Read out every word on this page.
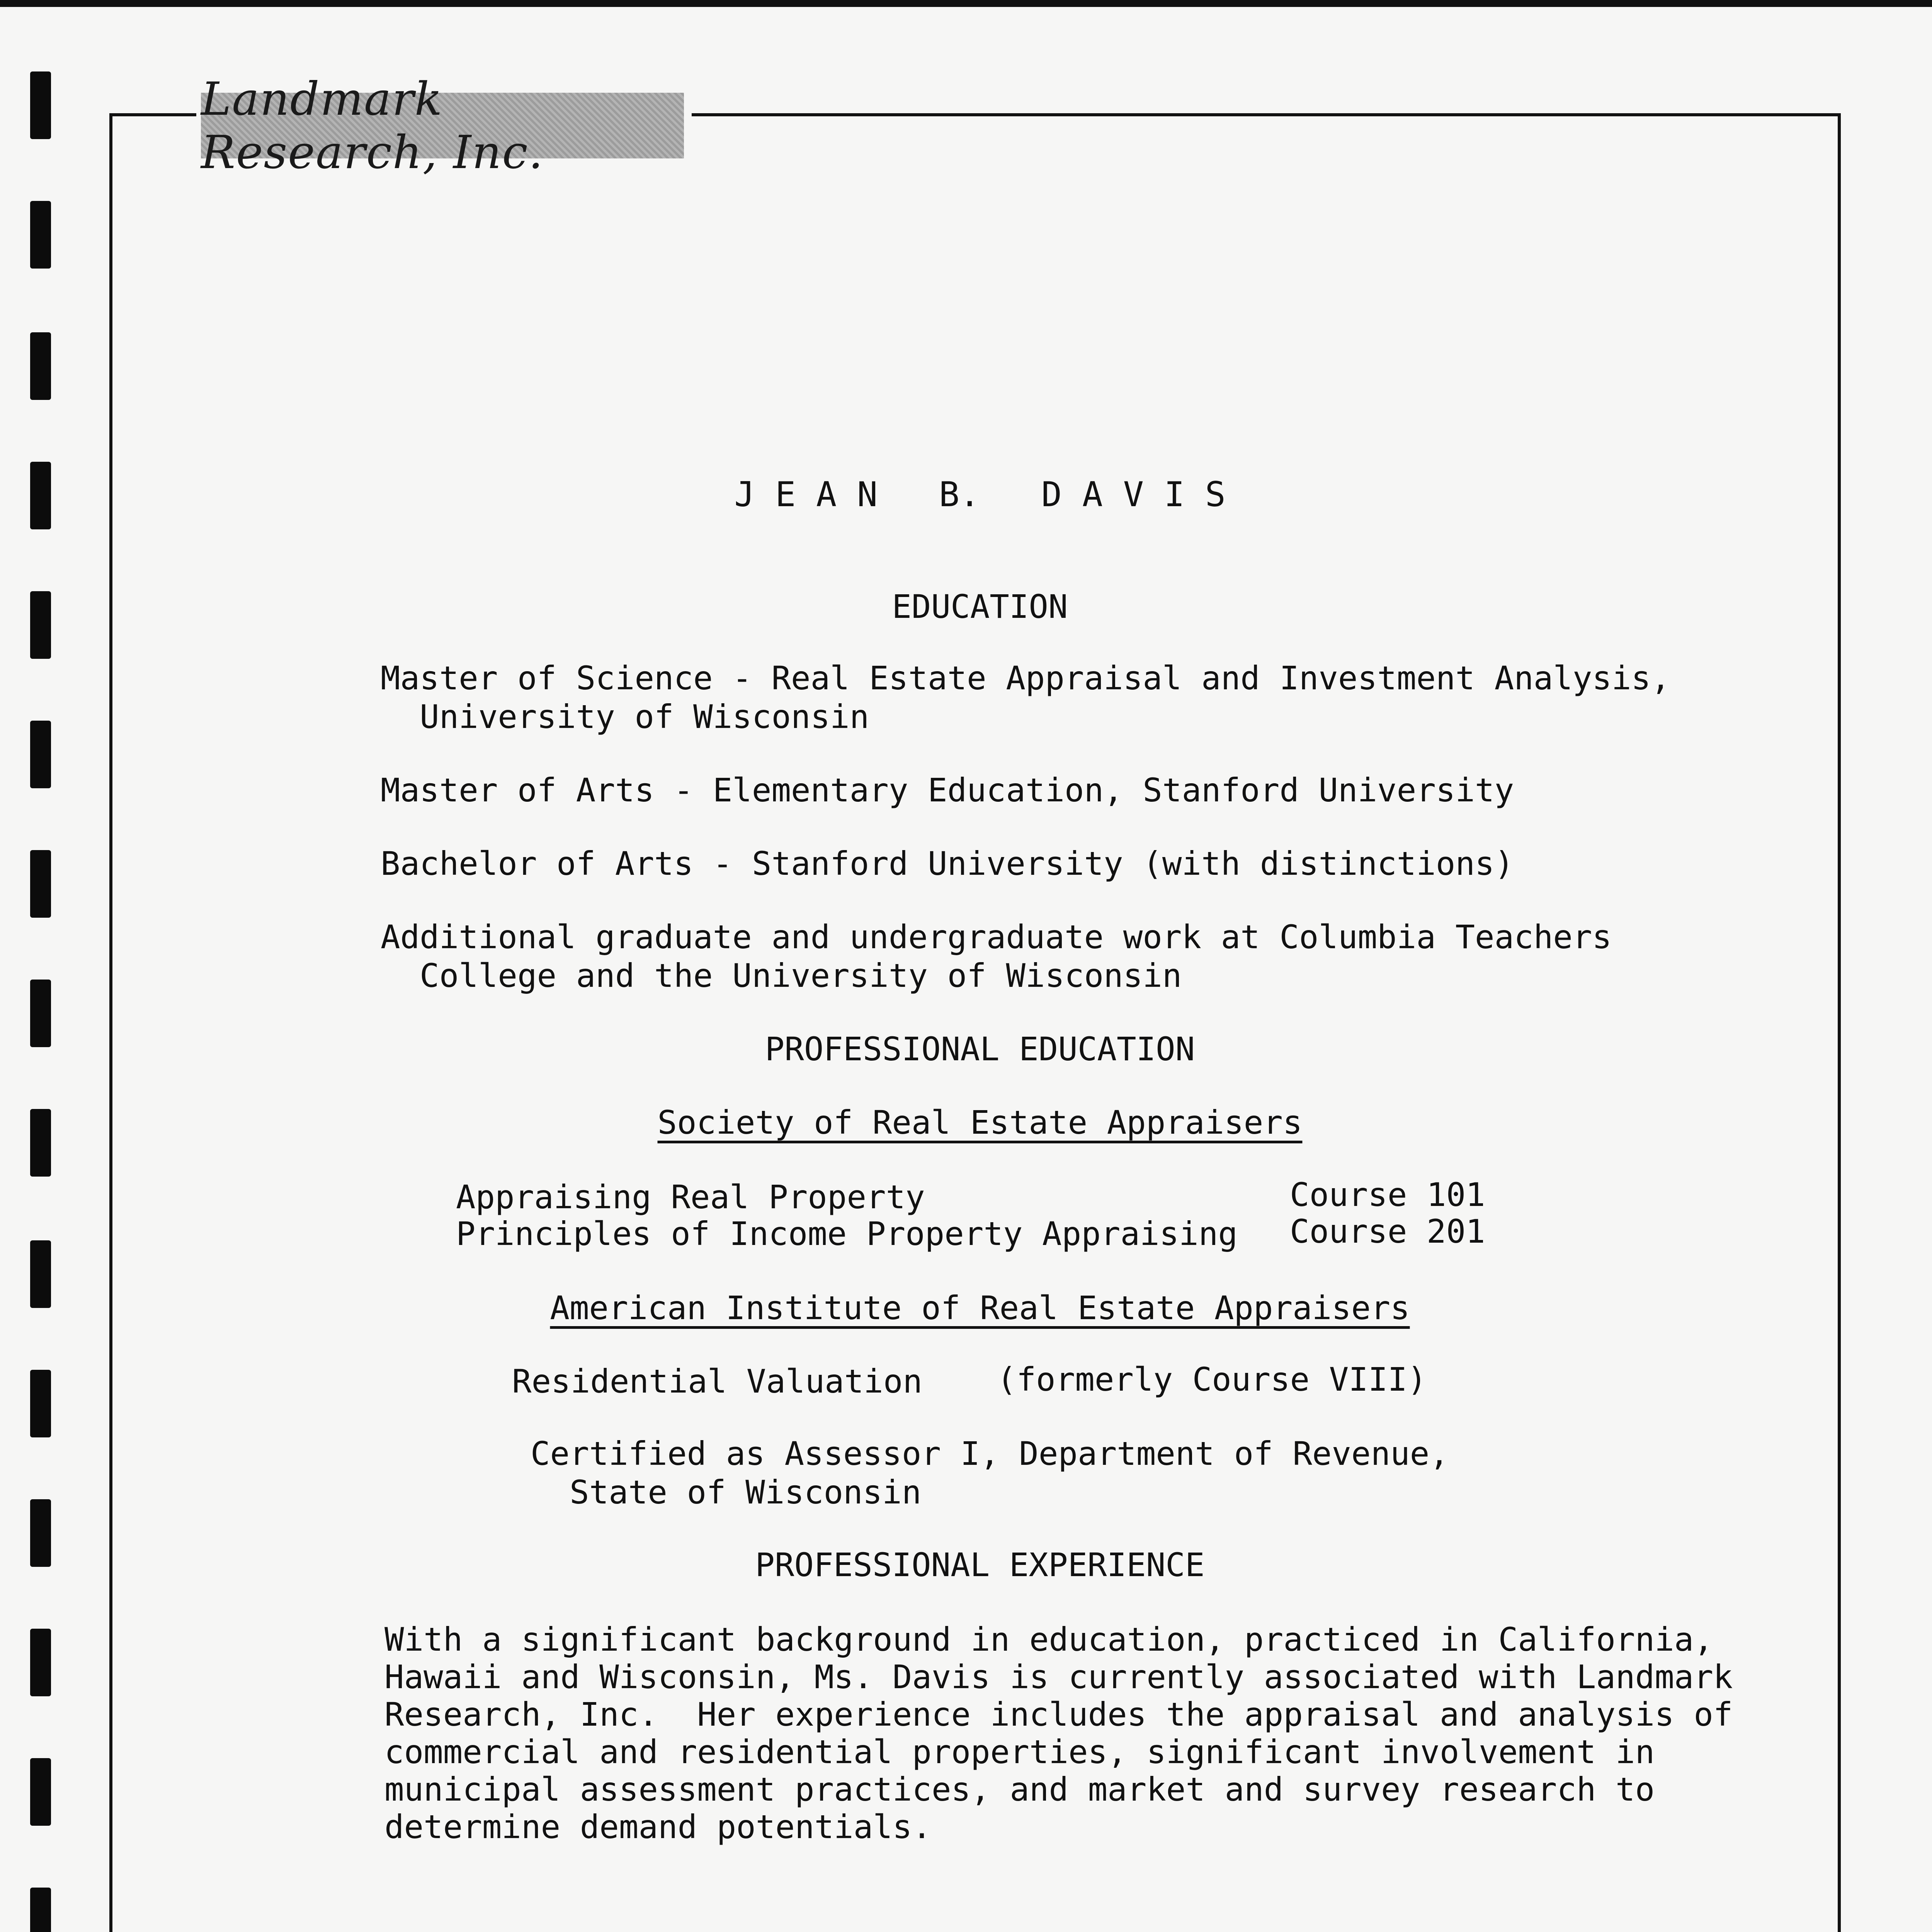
Landmark Research, Inc.
J E A N   B.   D A V I S
EDUCATION
Master of Science - Real Estate Appraisal and Investment Analysis,
University of Wisconsin
Master of Arts - Elementary Education, Stanford University
Bachelor of Arts - Stanford University (with distinctions)
Additional graduate and undergraduate work at Columbia Teachers
College and the University of Wisconsin
PROFESSIONAL EDUCATION
Society of Real Estate Appraisers
Appraising Real Property	Course 101
Principles of Income Property Appraising Course 201
American Institute of Real Estate Appraisers
Residential Valuation (formerly Course VIII)
Certified as Assessor I, Department of Revenue,
State of Wisconsin
PROFESSIONAL EXPERIENCE
With a significant background in education, practiced in California,
Hawaii and Wisconsin, Ms. Davis is currently associated with Landmark
Research, Inc.  Her experience includes the appraisal and analysis of
commercial and residential properties, significant involvement in
municipal assessment practices, and market and survey research to
determine demand potentials.
